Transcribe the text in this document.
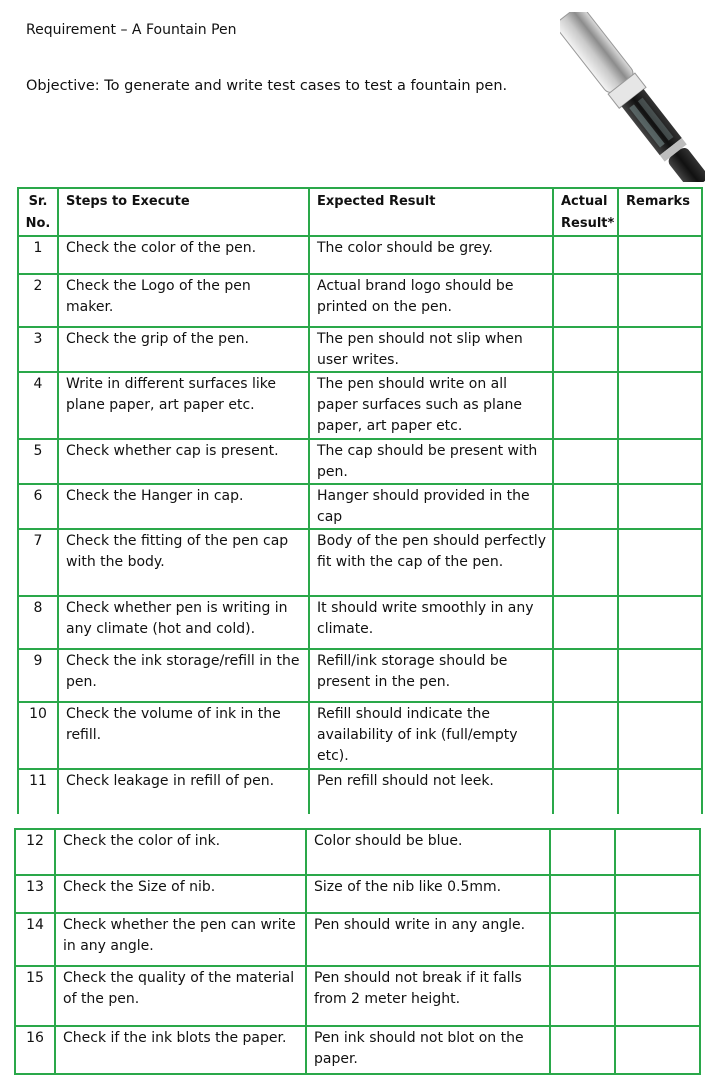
Requirement – A Fountain Pen
Objective: To generate and write test cases to test a fountain pen.
Sr. No.	Steps to Execute	Expected Result	Actual Result*	Remarks
1	Check the color of the pen.	The color should be grey.		
2	Check the Logo of the pen maker.	Actual brand logo should be printed on the pen.		
3	Check the grip of the pen.	The pen should not slip when user writes.		
4	Write in different surfaces like plane paper, art paper etc.	The pen should write on all paper surfaces such as plane paper, art paper etc.		
5	Check whether cap is present.	The cap should be present with pen.		
6	Check the Hanger in cap.	Hanger should provided in the cap		
7	Check the fitting of the pen cap with the body.	Body of the pen should perfectly fit with the cap of the pen.		
8	Check whether pen is writing in any climate (hot and cold).	It should write smoothly in any climate.		
9	Check the ink storage/refill in the pen.	Refill/ink storage should be present in the pen.		
10	Check the volume of ink in the refill.	Refill should indicate the availability of ink (full/empty etc).		
11	Check leakage in refill of pen.	Pen refill should not leek.		
12	Check the color of ink.	Color should be blue.		
13	Check the Size of nib.	Size of the nib like 0.5mm.		
14	Check whether the pen can write in any angle.	Pen should write in any angle.		
15	Check the quality of the material of the pen.	Pen should not break if it falls from 2 meter height.		
16	Check if the ink blots the paper.	Pen ink should not blot on the paper.		
